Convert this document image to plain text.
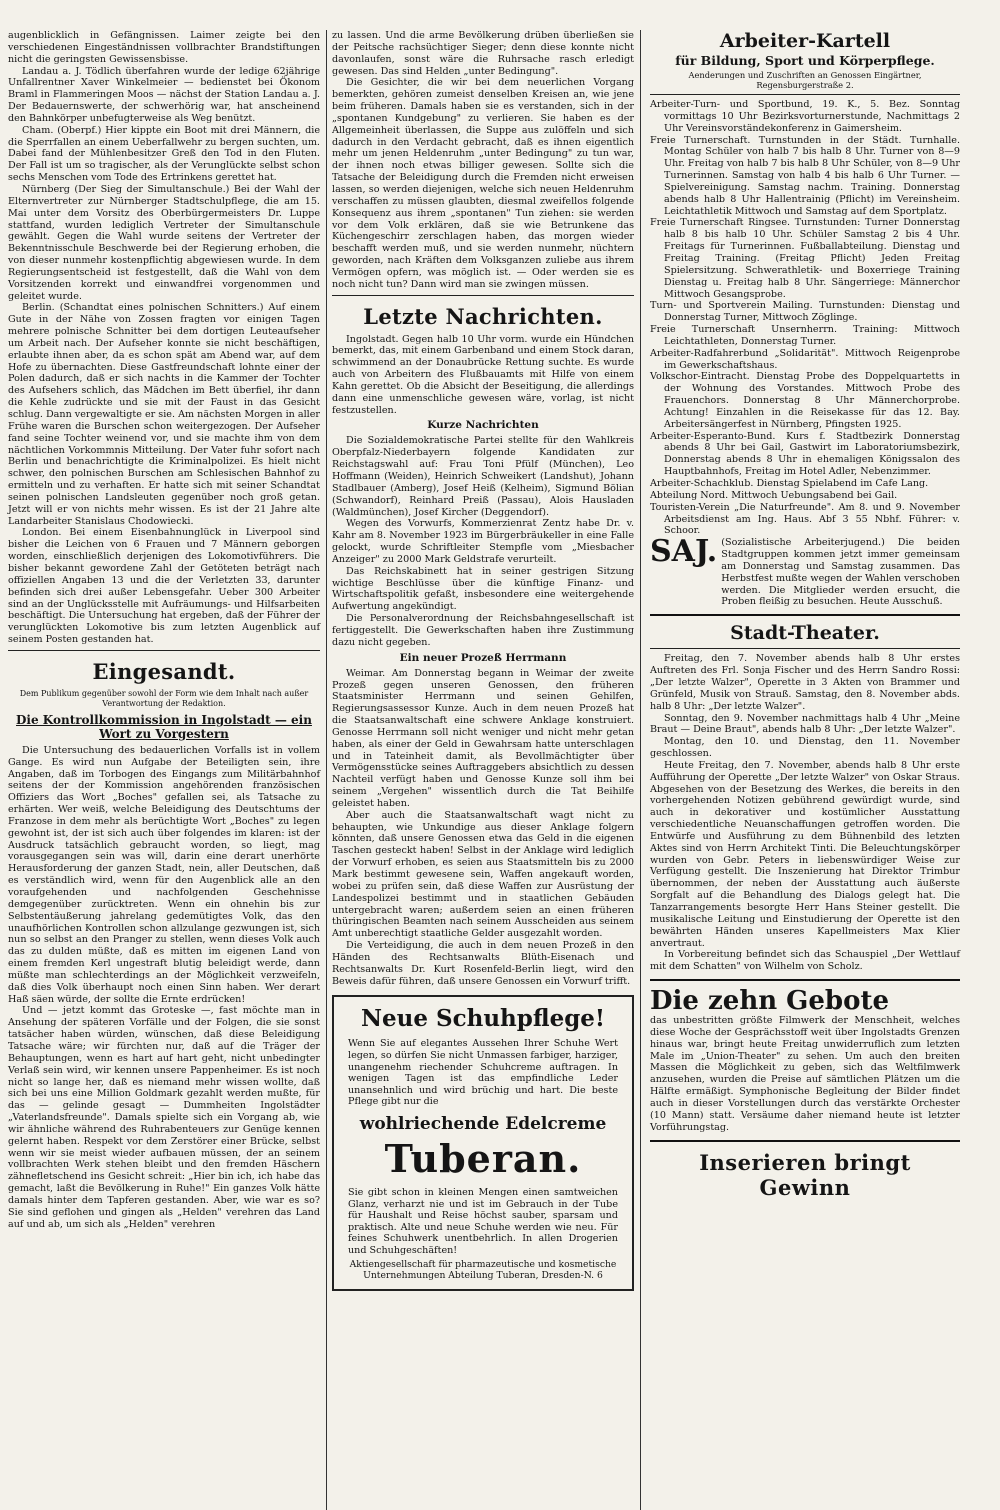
augenblicklich in Gefängnissen. Laimer zeigte bei den verschiedenen Eingeständnissen vollbrachter Brandstiftungen nicht die geringsten Gewissensbisse.

Landau a. J. Tödlich überfahren wurde der ledige 62jährige Unfallrentner Xaver Winkelmeier — bedienstet bei Ökonom Braml in Flammeringen Moos — nächst der Station Landau a. J. Der Bedauernswerte, der schwerhörig war, hat anscheinend den Bahnkörper unbefugterweise als Weg benützt.

Cham. (Oberpf.) Hier kippte ein Boot mit drei Männern, die die Sperrfallen an einem Ueberfallwehr zu bergen suchten, um. Dabei fand der Mühlenbesitzer Greß den Tod in den Fluten. Der Fall ist um so tragischer, als der Verunglückte selbst schon sechs Menschen vom Tode des Ertrinkens gerettet hat.

Nürnberg (Der Sieg der Simultanschule.) Bei der Wahl der Elternvertreter zur Nürnberger Stadtschulpflege, die am 15. Mai unter dem Vorsitz des Oberbürgermeisters Dr. Luppe stattfand, wurden lediglich Vertreter der Simultanschule gewählt. Gegen die Wahl wurde seitens der Vertreter der Bekenntnisschule Beschwerde bei der Regierung erhoben, die von dieser nunmehr kostenpflichtig abgewiesen wurde. In dem Regierungsentscheid ist festgestellt, daß die Wahl von dem Vorsitzenden korrekt und einwandfrei vorgenommen und geleitet wurde.

Berlin. (Schandtat eines polnischen Schnitters.) Auf einem Gute in der Nähe von Zossen fragten vor einigen Tagen mehrere polnische Schnitter bei dem dortigen Leuteaufseher um Arbeit nach. Der Aufseher konnte sie nicht beschäftigen, erlaubte ihnen aber, da es schon spät am Abend war, auf dem Hofe zu übernachten. Diese Gastfreundschaft lohnte einer der Polen dadurch, daß er sich nachts in die Kammer der Tochter des Aufsehers schlich, das Mädchen im Bett überfiel, ihr dann die Kehle zudrückte und sie mit der Faust in das Gesicht schlug. Dann vergewaltigte er sie. Am nächsten Morgen in aller Frühe waren die Burschen schon weitergezogen. Der Aufseher fand seine Tochter weinend vor, und sie machte ihm von dem nächtlichen Vorkommnis Mitteilung. Der Vater fuhr sofort nach Berlin und benachrichtigte die Kriminalpolizei. Es hielt nicht schwer, den polnischen Burschen am Schlesischen Bahnhof zu ermitteln und zu verhaften. Er hatte sich mit seiner Schandtat seinen polnischen Landsleuten gegenüber noch groß getan. Jetzt will er von nichts mehr wissen. Es ist der 21 Jahre alte Landarbeiter Stanislaus Chodowiecki.

London. Bei einem Eisenbahnunglück in Liverpool sind bisher die Leichen von 6 Frauen und 7 Männern geborgen worden, einschließlich derjenigen des Lokomotivführers. Die bisher bekannt gewordene Zahl der Getöteten beträgt nach offiziellen Angaben 13 und die der Verletzten 33, darunter befinden sich drei außer Lebensgefahr. Ueber 300 Arbeiter sind an der Unglücksstelle mit Aufräumungs- und Hilfsarbeiten beschäftigt. Die Untersuchung hat ergeben, daß der Führer der verunglückten Lokomotive bis zum letzten Augenblick auf seinem Posten gestanden hat.

Eingesandt.

Dem Publikum gegenüber sowohl der Form wie dem Inhalt nach außer Verantwortung der Redaktion.

Die Kontrollkommission in Ingolstadt — ein Wort zu Vorgestern

Die Untersuchung des bedauerlichen Vorfalls ist in vollem Gange. Es wird nun Aufgabe der Beteiligten sein, ihre Angaben, daß im Torbogen des Eingangs zum Militärbahnhof seitens der der Kommission angehörenden französischen Offiziers das Wort „Boches" gefallen sei, als Tatsache zu erhärten. Wer weiß, welche Beleidigung des Deutschtums der Franzose in dem mehr als berüchtigte Wort „Boches" zu legen gewohnt ist, der ist sich auch über folgendes im klaren: ist der Ausdruck tatsächlich gebraucht worden, so liegt, mag vorausgegangen sein was will, darin eine derart unerhörte Herausforderung der ganzen Stadt, nein, aller Deutschen, daß es verständlich wird, wenn für den Augenblick alle an den voraufgehenden und nachfolgenden Geschehnisse demgegenüber zurücktreten. Wenn ein ohnehin bis zur Selbstentäußerung jahrelang gedemütigtes Volk, das den unaufhörlichen Kontrollen schon allzulange gezwungen ist, sich nun so selbst an den Pranger zu stellen, wenn dieses Volk auch das zu dulden müßte, daß es mitten im eigenen Land von einem fremden Kerl ungestraft blutig beleidigt werde, dann müßte man schlechterdings an der Möglichkeit verzweifeln, daß dies Volk überhaupt noch einen Sinn haben. Wer derart Haß säen würde, der sollte die Ernte erdrücken!

Und — jetzt kommt das Groteske —, fast möchte man in Ansehung der späteren Vorfälle und der Folgen, die sie sonst tatsächer haben würden, wünschen, daß diese Beleidigung Tatsache wäre; wir fürchten nur, daß auf die Träger der Behauptungen, wenn es hart auf hart geht, nicht unbedingter Verlaß sein wird, wir kennen unsere Pappenheimer. Es ist noch nicht so lange her, daß es niemand mehr wissen wollte, daß sich bei uns eine Million Goldmark gezahlt werden mußte, für das — gelinde gesagt — Dummheiten Ingolstädter „Vaterlandsfreunde". Damals spielte sich ein Vorgang ab, wie wir ähnliche während des Ruhrabenteuers zur Genüge kennen gelernt haben. Respekt vor dem Zerstörer einer Brücke, selbst wenn wir sie meist wieder aufbauen müssen, der an seinem vollbrachten Werk stehen bleibt und den fremden Häschern zähnefletschend ins Gesicht schreit: „Hier bin ich, ich habe das gemacht, laßt die Bevölkerung in Ruhe!" Ein ganzes Volk hätte damals hinter dem Tapferen gestanden. Aber, wie war es so? Sie sind geflohen und gingen als „Helden" verehren das Land auf und ab, um sich als „Helden" verehren

zu lassen. Und die arme Bevölkerung drüben überließen sie der Peitsche rachsüchtiger Sieger; denn diese konnte nicht davonlaufen, sonst wäre die Ruhrsache rasch erledigt gewesen. Das sind Helden „unter Bedingung".

Die Gesichter, die wir bei dem neuerlichen Vorgang bemerkten, gehören zumeist denselben Kreisen an, wie jene beim früheren. Damals haben sie es verstanden, sich in der „spontanen Kundgebung" zu verlieren. Sie haben es der Allgemeinheit überlassen, die Suppe aus zulöffeln und sich dadurch in den Verdacht gebracht, daß es ihnen eigentlich mehr um jenen Heldenruhm „unter Bedingung" zu tun war, der ihnen noch etwas billiger gewesen. Sollte sich die Tatsache der Beleidigung durch die Fremden nicht erweisen lassen, so werden diejenigen, welche sich neuen Heldenruhm verschaffen zu müssen glaubten, diesmal zweifellos folgende Konsequenz aus ihrem „spontanen" Tun ziehen: sie werden vor dem Volk erklären, daß sie wie Betrunkene das Küchengeschirr zerschlagen haben, das morgen wieder beschafft werden muß, und sie werden nunmehr, nüchtern geworden, nach Kräften dem Volksganzen zuliebe aus ihrem Vermögen opfern, was möglich ist. — Oder werden sie es noch nicht tun? Dann wird man sie zwingen müssen.

Letzte Nachrichten.

Ingolstadt. Gegen halb 10 Uhr vorm. wurde ein Hündchen bemerkt, das, mit einem Garbenband und einem Stock daran, schwimmend an der Donaubrücke Rettung suchte. Es wurde auch von Arbeitern des Flußbauamts mit Hilfe von einem Kahn gerettet. Ob die Absicht der Beseitigung, die allerdings dann eine unmenschliche gewesen wäre, vorlag, ist nicht festzustellen.

Kurze Nachrichten

Die Sozialdemokratische Partei stellte für den Wahlkreis Oberpfalz-Niederbayern folgende Kandidaten zur Reichstagswahl auf: Frau Toni Pfülf (München), Leo Hoffmann (Weiden), Heinrich Schweikert (Landshut), Johann Stadlbauer (Amberg), Josef Heiß (Kelheim), Sigmund Bölian (Schwandorf), Reinhard Preiß (Passau), Alois Hausladen (Waldmünchen), Josef Kircher (Deggendorf).

Wegen des Vorwurfs, Kommerzienrat Zentz habe Dr. v. Kahr am 8. November 1923 im Bürgerbräukeller in eine Falle gelockt, wurde Schriftleiter Stempfle vom „Miesbacher Anzeiger" zu 2000 Mark Geldstrafe verurteilt.

Das Reichskabinett hat in seiner gestrigen Sitzung wichtige Beschlüsse über die künftige Finanz- und Wirtschaftspolitik gefaßt, insbesondere eine weitergehende Aufwertung angekündigt.

Die Personalverordnung der Reichsbahngesellschaft ist fertiggestellt. Die Gewerkschaften haben ihre Zustimmung dazu nicht gegeben.

Ein neuer Prozeß Herrmann

Weimar. Am Donnerstag begann in Weimar der zweite Prozeß gegen unseren Genossen, den früheren Staatsminister Herrmann und seinen Gehilfen, Regierungsassessor Kunze. Auch in dem neuen Prozeß hat die Staatsanwaltschaft eine schwere Anklage konstruiert. Genosse Herrmann soll nicht weniger und nicht mehr getan haben, als einer der Geld in Gewahrsam hatte unterschlagen und in Tateinheit damit, als Bevollmächtigter über Vermögensstücke seines Auftraggebers absichtlich zu dessen Nachteil verfügt haben und Genosse Kunze soll ihm bei seinem „Vergehen" wissentlich durch die Tat Beihilfe geleistet haben.

Aber auch die Staatsanwaltschaft wagt nicht zu behaupten, wie Unkundige aus dieser Anklage folgern könnten, daß unsere Genossen etwa das Geld in die eigenen Taschen gesteckt haben! Selbst in der Anklage wird lediglich der Vorwurf erhoben, es seien aus Staatsmitteln bis zu 2000 Mark bestimmt gewesene sein, Waffen angekauft worden, wobei zu prüfen sein, daß diese Waffen zur Ausrüstung der Landespolizei bestimmt und in staatlichen Gebäuden untergebracht waren; außerdem seien an einen früheren thüringischen Beamten nach seinem Ausscheiden aus seinem Amt unberechtigt staatliche Gelder ausgezahlt worden.

Die Verteidigung, die auch in dem neuen Prozeß in den Händen des Rechtsanwalts Blüth-Eisenach und Rechtsanwalts Dr. Kurt Rosenfeld-Berlin liegt, wird den Beweis dafür führen, daß unsere Genossen ein Vorwurf trifft.

Neue Schuhpflege!

Wenn Sie auf elegantes Aussehen Ihrer Schuhe Wert legen, so dürfen Sie nicht Unmassen farbiger, harziger, unangenehm riechender Schuhcreme auftragen. In wenigen Tagen ist das empfindliche Leder unansehnlich und wird brüchig und hart. Die beste Pflege gibt nur die

wohlriechende Edelcreme
Tuberan.

Sie gibt schon in kleinen Mengen einen samtweichen Glanz, verharzt nie und ist im Gebrauch in der Tube für Haushalt und Reise höchst sauber, sparsam und praktisch. Alte und neue Schuhe werden wie neu. Für feines Schuhwerk unentbehrlich. In allen Drogerien und Schuhgeschäften!

Aktiengesellschaft für pharmazeutische und kosmetische Unternehmungen Abteilung Tuberan, Dresden-N. 6

Arbeiter-Kartell
für Bildung, Sport und Körperpflege.

Aenderungen und Zuschriften an Genossen Eingärtner, Regensburgerstraße 2.

Arbeiter-Turn- und Sportbund, 19. K., 5. Bez. Sonntag vormittags 10 Uhr Bezirksvorturnerstunde, Nachmittags 2 Uhr Vereinsvorständekonferenz in Gaimersheim.

Freie Turnerschaft. Turnstunden in der Städt. Turnhalle. Montag Schüler von halb 7 bis halb 8 Uhr. Turner von 8—9 Uhr. Freitag von halb 7 bis halb 8 Uhr Schüler, von 8—9 Uhr Turnerinnen. Samstag von halb 4 bis halb 6 Uhr Turner. — Spielvereinigung. Samstag nachm. Training. Donnerstag abends halb 8 Uhr Hallentrainig (Pflicht) im Vereinsheim. Leichtathletik Mittwoch und Samstag auf dem Sportplatz.

Freie Turnerschaft Ringsee. Turnstunden: Turner Donnerstag halb 8 bis halb 10 Uhr. Schüler Samstag 2 bis 4 Uhr. Freitags für Turnerinnen. Fußballabteilung. Dienstag und Freitag Training. (Freitag Pflicht) Jeden Freitag Spielersitzung. Schwerathletik- und Boxerriege Training Dienstag u. Freitag halb 8 Uhr. Sängerriege: Männerchor Mittwoch Gesangsprobe.

Turn- und Sportverein Mailing. Turnstunden: Dienstag und Donnerstag Turner, Mittwoch Zöglinge.

Freie Turnerschaft Unsernherrn. Training: Mittwoch Leichtathleten, Donnerstag Turner.

Arbeiter-Radfahrerbund „Solidarität". Mittwoch Reigenprobe im Gewerkschaftshaus.

Volkschor-Eintracht. Dienstag Probe des Doppelquartetts in der Wohnung des Vorstandes. Mittwoch Probe des Frauenchors. Donnerstag 8 Uhr Männerchorprobe. Achtung! Einzahlen in die Reisekasse für das 12. Bay. Arbeitersängerfest in Nürnberg, Pfingsten 1925.

Arbeiter-Esperanto-Bund. Kurs f. Stadtbezirk Donnerstag abends 8 Uhr bei Gail, Gastwirt im Laboratoriumsbezirk, Donnerstag abends 8 Uhr in ehemaligen Königssalon des Hauptbahnhofs, Freitag im Hotel Adler, Nebenzimmer.

Arbeiter-Schachklub. Dienstag Spielabend im Cafe Lang.

Abteilung Nord. Mittwoch Uebungsabend bei Gail.

Touristen-Verein „Die Naturfreunde". Am 8. und 9. November Arbeitsdienst am Ing. Haus. Abf 3 55 Nbhf. Führer: v. Schoor.

SAJ. (Sozialistische Arbeiterjugend.) Die beiden Stadtgruppen kommen jetzt immer gemeinsam am Donnerstag und Samstag zusammen. Das Herbstfest mußte wegen der Wahlen verschoben werden. Die Mitglieder werden ersucht, die Proben fleißig zu besuchen. Heute Ausschuß.

Stadt-Theater.

Freitag, den 7. November abends halb 8 Uhr erstes Auftreten des Frl. Sonja Fischer und des Herrn Sandro Rossi: „Der letzte Walzer", Operette in 3 Akten von Brammer und Grünfeld, Musik von Strauß. Samstag, den 8. November abds. halb 8 Uhr: „Der letzte Walzer".

Sonntag, den 9. November nachmittags halb 4 Uhr „Meine Braut — Deine Braut", abends halb 8 Uhr: „Der letzte Walzer".

Montag, den 10. und Dienstag, den 11. November geschlossen.

Heute Freitag, den 7. November, abends halb 8 Uhr erste Aufführung der Operette „Der letzte Walzer" von Oskar Straus. Abgesehen von der Besetzung des Werkes, die bereits in den vorhergehenden Notizen gebührend gewürdigt wurde, sind auch in dekorativer und kostümlicher Ausstattung verschiedentliche Neuanschaffungen getroffen worden. Die Entwürfe und Ausführung zu dem Bühnenbild des letzten Aktes sind von Herrn Architekt Tinti. Die Beleuchtungskörper wurden von Gebr. Peters in liebenswürdiger Weise zur Verfügung gestellt. Die Inszenierung hat Direktor Trimbur übernommen, der neben der Ausstattung auch äußerste Sorgfalt auf die Behandlung des Dialogs gelegt hat. Die Tanzarrangements besorgte Herr Hans Steiner gestellt. Die musikalische Leitung und Einstudierung der Operette ist den bewährten Händen unseres Kapellmeisters Max Klier anvertraut.

In Vorbereitung befindet sich das Schauspiel „Der Wettlauf mit dem Schatten" von Wilhelm von Scholz.

Die zehn Gebote

das unbestritten größte Filmwerk der Menschheit, welches diese Woche der Gesprächsstoff weit über Ingolstadts Grenzen hinaus war, bringt heute Freitag unwiderruflich zum letzten Male im „Union-Theater" zu sehen. Um auch den breiten Massen die Möglichkeit zu geben, sich das Weltfilmwerk anzusehen, wurden die Preise auf sämtlichen Plätzen um die Hälfte ermäßigt. Symphonische Begleitung der Bilder findet auch in dieser Vorstellungen durch das verstärkte Orchester (10 Mann) statt. Versäume daher niemand heute ist letzter Vorführungstag.

Inserieren bringt Gewinn
